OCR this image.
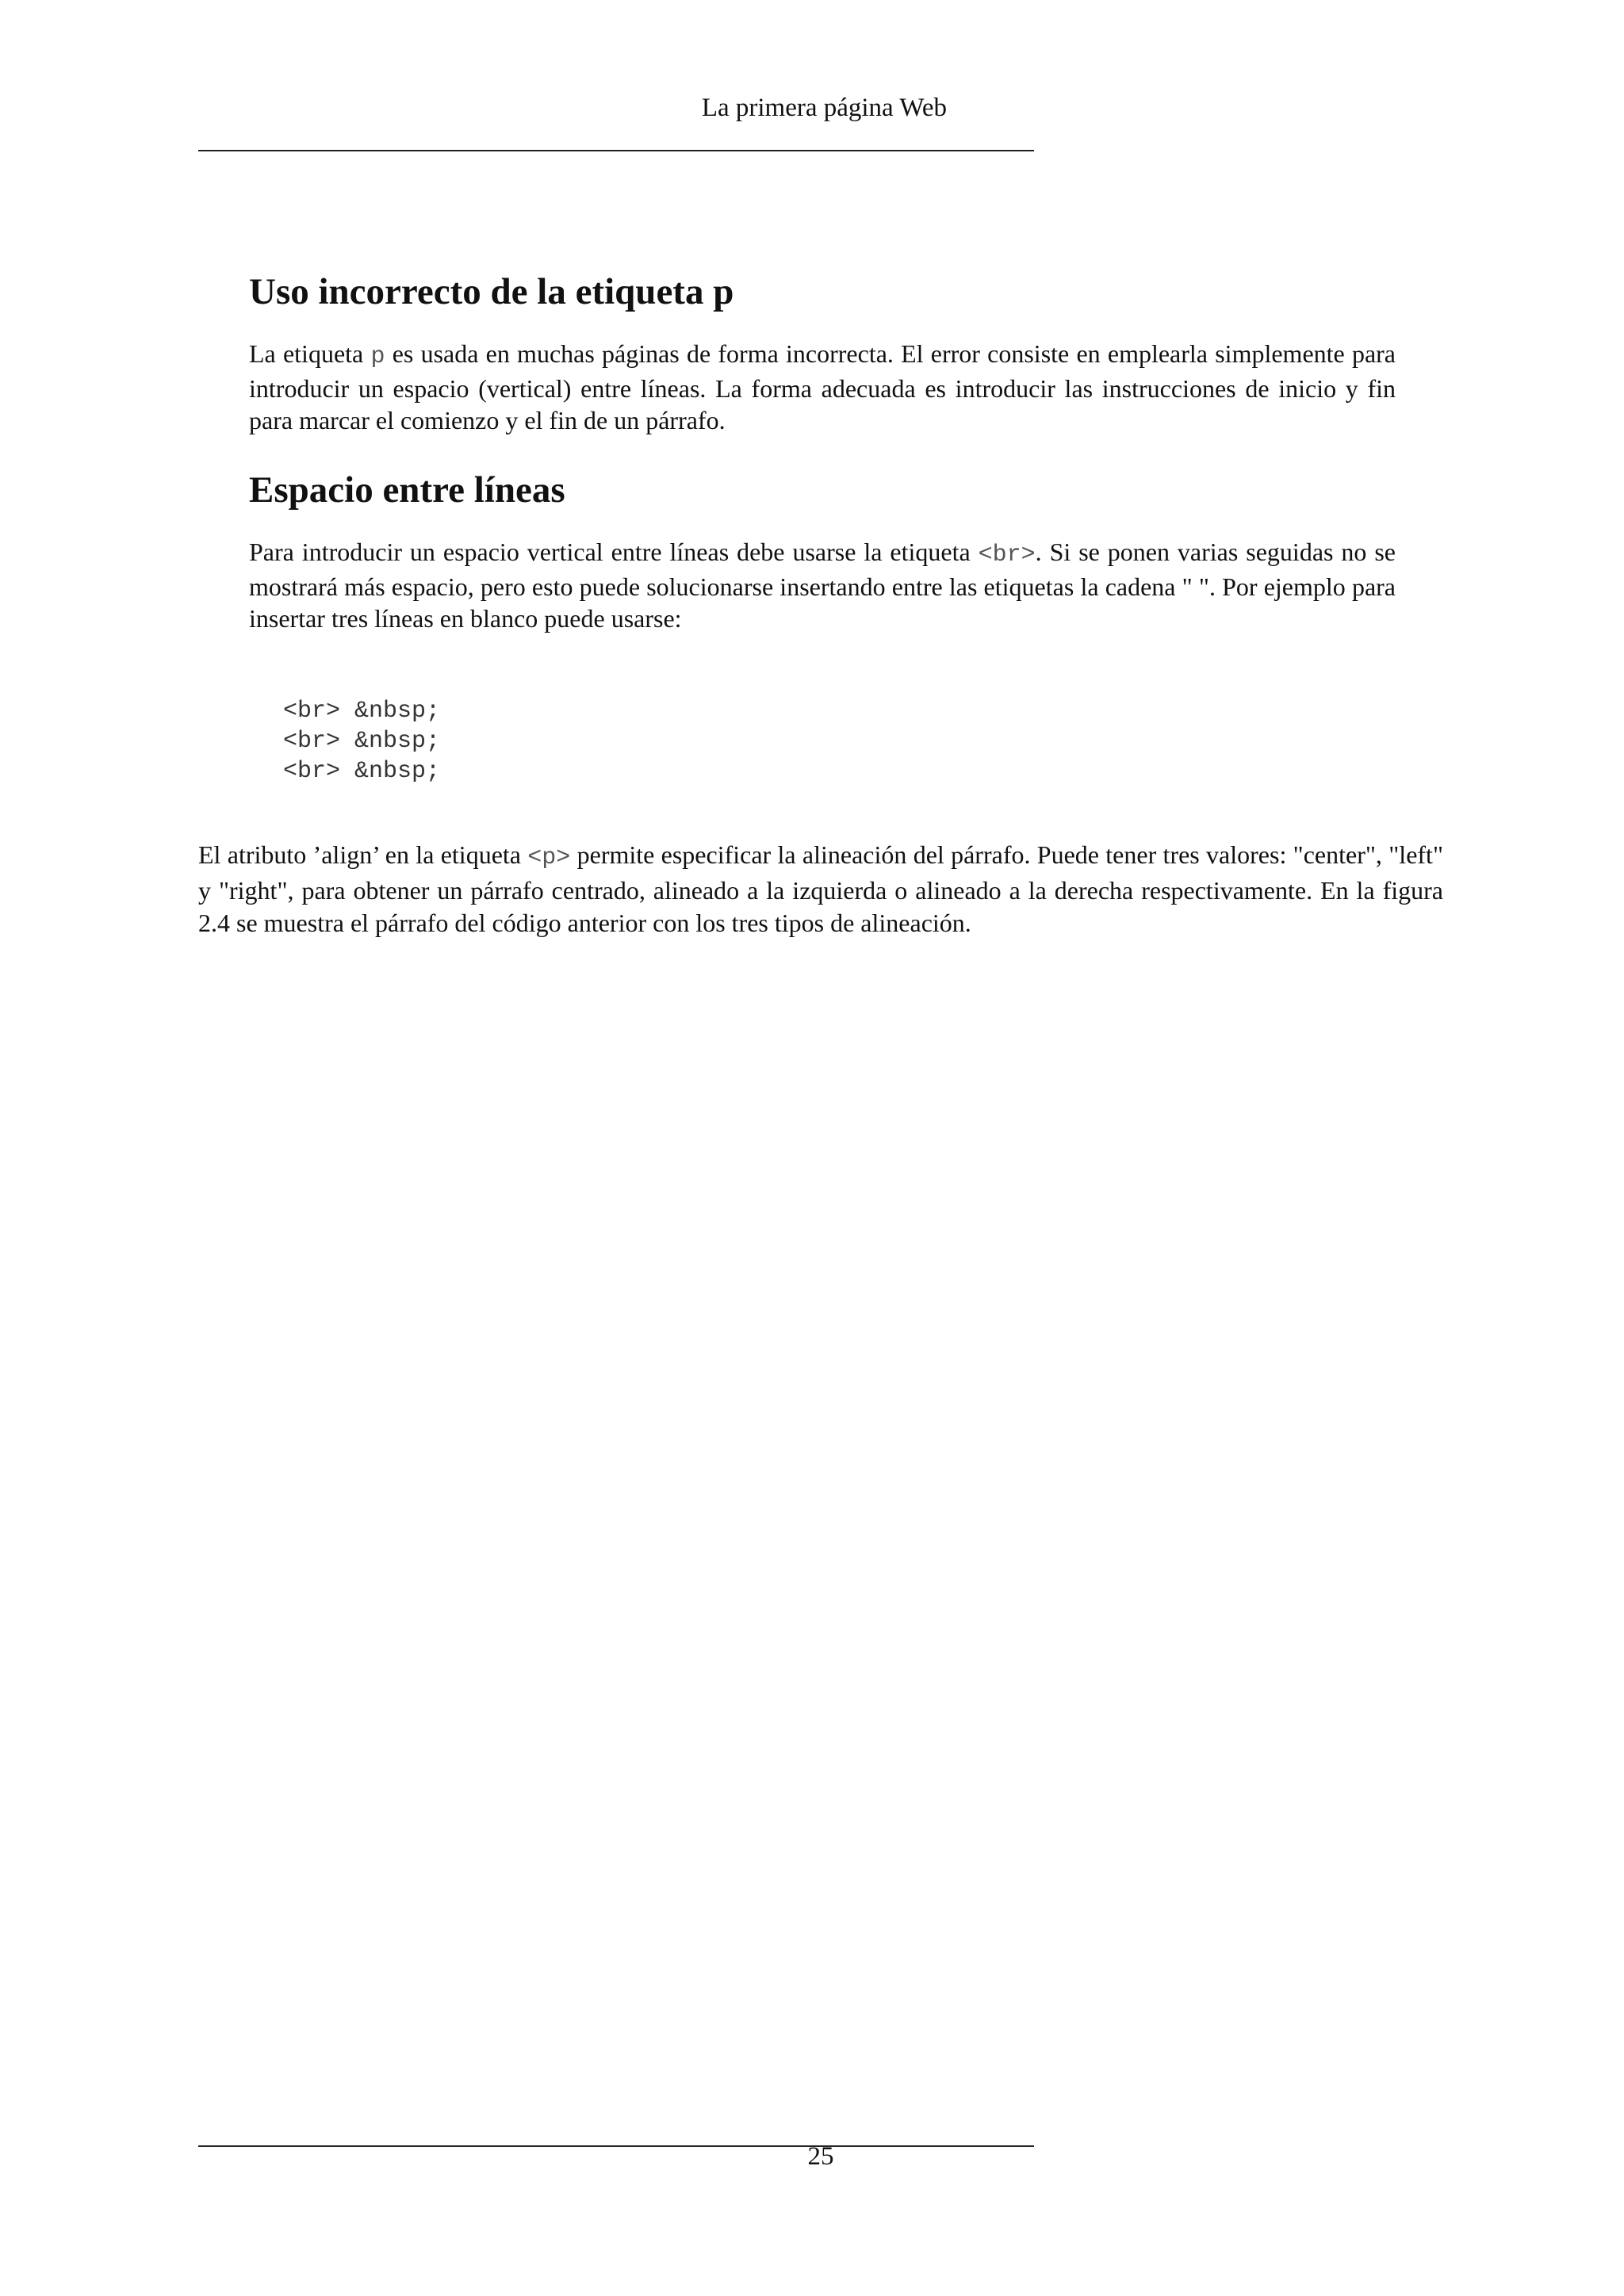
La primera página Web
Uso incorrecto de la etiqueta p

La etiqueta p es usada en muchas páginas de forma incorrecta. El error consiste en emplearla simplemente para introducir un espacio (vertical) entre líneas. La forma adecuada es introducir las instrucciones de inicio y fin para marcar el comienzo y el fin de un párrafo.

Espacio entre líneas

Para introducir un espacio vertical entre líneas debe usarse la etiqueta <br>. Si se ponen varias seguidas no se mostrará más espacio, pero esto puede solucionarse insertando entre las etiquetas la cadena " ". Por ejemplo para insertar tres líneas en blanco puede usarse:

<br> &nbsp;
<br> &nbsp;
<br> &nbsp;

El atributo ’align’ en la etiqueta <p> permite especificar la alineación del párrafo. Puede tener tres valores: "center", "left" y "right", para obtener un párrafo centrado, alineado a la izquierda o alineado a la derecha respectivamente. En la figura 2.4 se muestra el párrafo del código anterior con los tres tipos de alineación.

25
